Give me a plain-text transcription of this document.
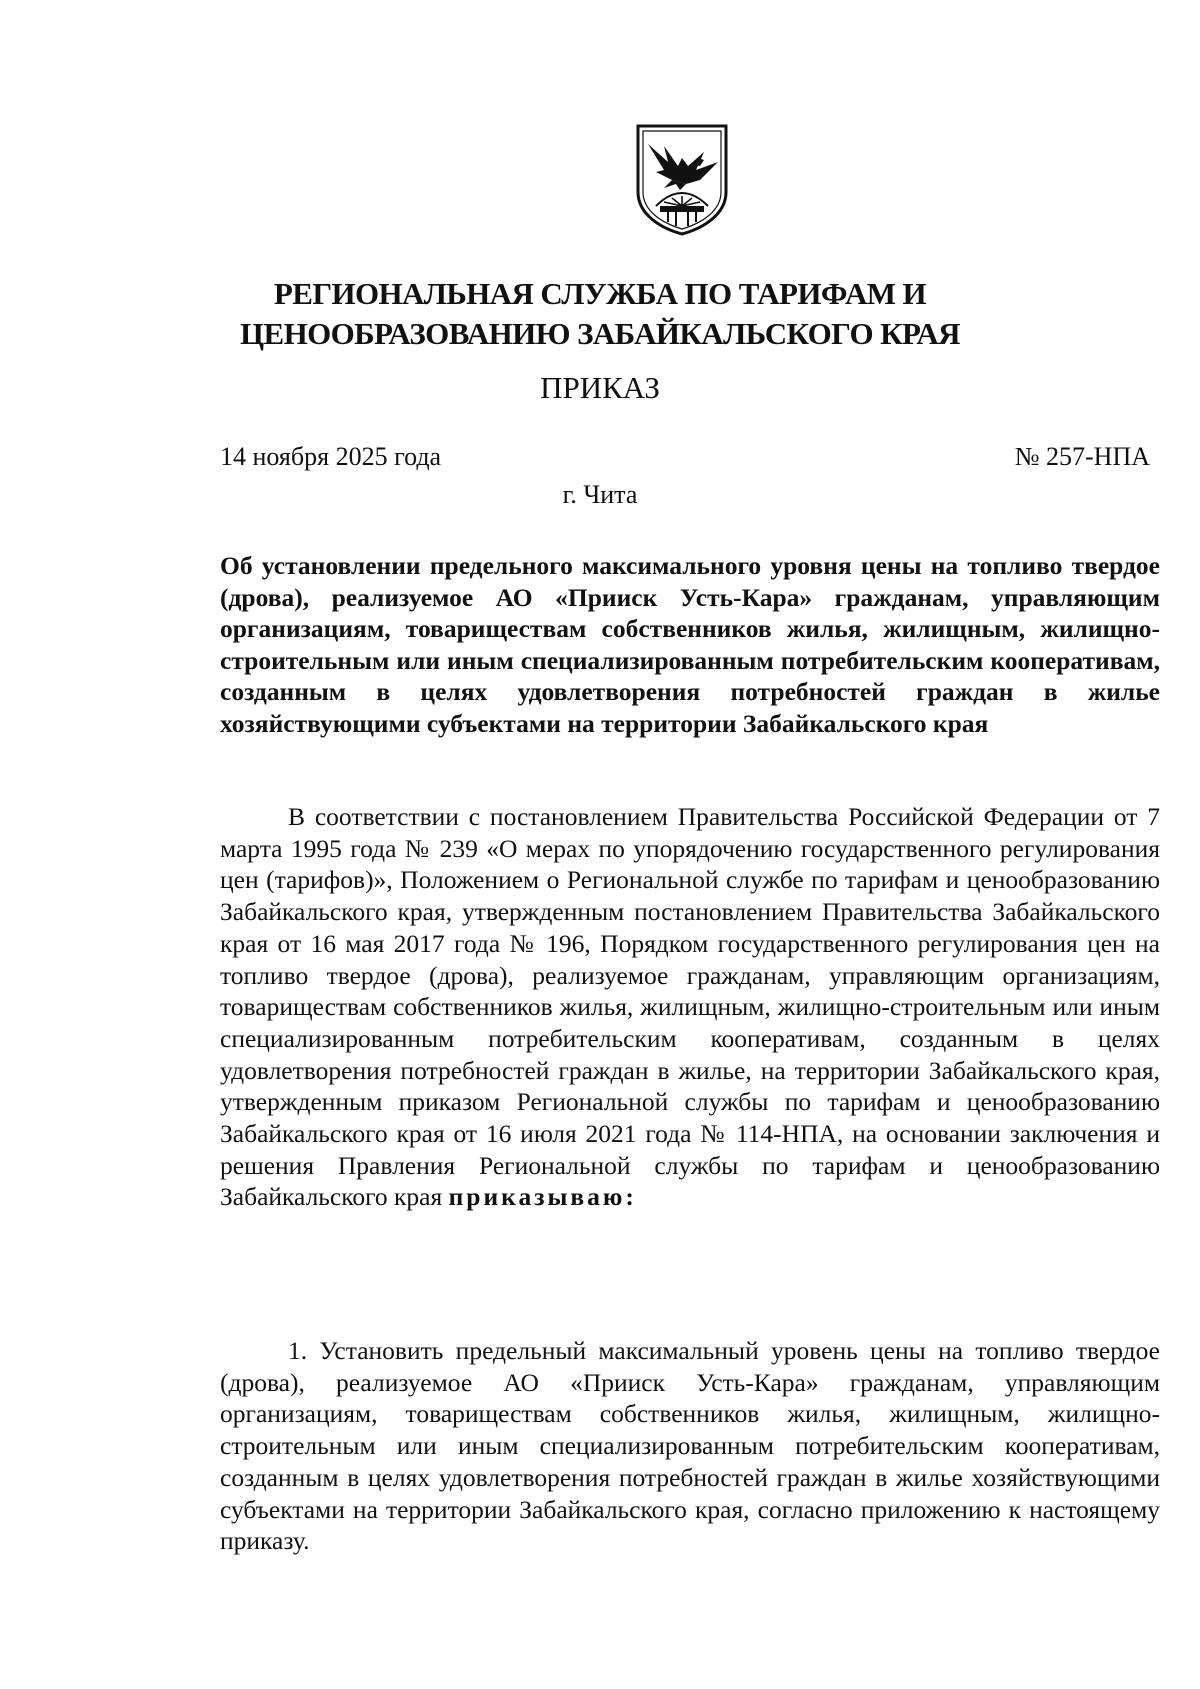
РЕГИОНАЛЬНАЯ СЛУЖБА ПО ТАРИФАМ И
ЦЕНООБРАЗОВАНИЮ ЗАБАЙКАЛЬСКОГО КРАЯ
ПРИКАЗ
14 ноября 2025 года	№ 257-НПА
г. Чита
Об установлении предельного максимального уровня цены на топливо твердое (дрова), реализуемое АО «Прииск Усть-Кара» гражданам, управляющим организациям, товариществам собственников жилья, жилищным, жилищно-строительным или иным специализированным потребительским кооперативам, созданным в целях удовлетворения потребностей граждан в жилье хозяйствующими субъектами на территории Забайкальского края
В соответствии с постановлением Правительства Российской Федерации от 7 марта 1995 года № 239 «О мерах по упорядочению государственного регулирования цен (тарифов)», Положением о Региональной службе по тарифам и ценообразованию Забайкальского края, утвержденным постановлением Правительства Забайкальского края от 16 мая 2017 года № 196, Порядком государственного регулирования цен на топливо твердое (дрова), реализуемое гражданам, управляющим организациям, товариществам собственников жилья, жилищным, жилищно-строительным или иным специализированным потребительским кооперативам, созданным в целях удовлетворения потребностей граждан в жилье, на территории Забайкальского края, утвержденным приказом Региональной службы по тарифам и ценообразованию Забайкальского края от 16 июля 2021 года № 114-НПА, на основании заключения и решения Правления Региональной службы по тарифам и ценообразованию Забайкальского края приказываю:
1. Установить предельный максимальный уровень цены на топливо твердое (дрова), реализуемое АО «Прииск Усть-Кара» гражданам, управляющим организациям, товариществам собственников жилья, жилищным, жилищно-строительным или иным специализированным потребительским кооперативам, созданным в целях удовлетворения потребностей граждан в жилье хозяйствующими субъектами на территории Забайкальского края, согласно приложению к настоящему приказу.
